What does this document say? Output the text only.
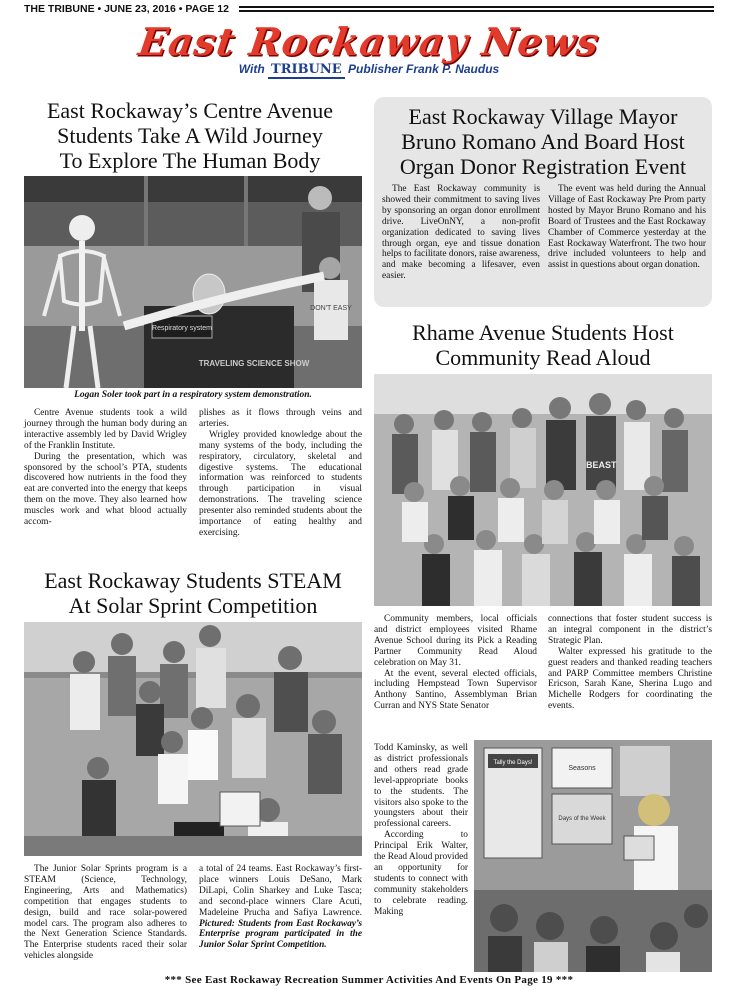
THE TRIBUNE • JUNE 23, 2016 • PAGE 12
East Rockaway News
With TRIBUNE Publisher Frank P. Naudus
East Rockaway’s Centre Avenue
Students Take A Wild Journey
To Explore The Human Body
Respiratory system
TRAVELING SCIENCE SHOW
DON'T EASY
Logan Soler took part in a respiratory system demonstration.

Centre Avenue students took a wild journey through the human body during an interactive assembly led by David Wrigley of the Franklin Institute.

During the presentation, which was sponsored by the school’s PTA, students discovered how nutrients in the food they eat are converted into the energy that keeps them on the move. They also learned how muscles work and what blood actually accom-

plishes as it flows through veins and arteries.

Wrigley provided knowledge about the many systems of the body, including the respiratory, circulatory, skeletal and digestive systems. The educational information was reinforced to students through participation in visual demonstrations. The traveling science presenter also reminded students about the importance of eating healthy and exercising.

East Rockaway Students STEAM
At Solar Sprint Competition

The Junior Solar Sprints program is a STEAM (Science, Technology, Engineering, Arts and Mathematics) competition that engages students to design, build and race solar-powered model cars. The program also adheres to the Next Generation Science Standards. The Enterprise students raced their solar vehicles alongside

a total of 24 teams. East Rockaway’s first-place winners Louis DeSano, Mark DiLapi, Colin Sharkey and Luke Tasca; and second-place winners Clare Acuti, Madeleine Prucha and Safiya Lawrence. Pictured: Students from East Rockaway’s Enterprise program participated in the Junior Solar Sprint Competition.

East Rockaway Village Mayor
Bruno Romano And Board Host
Organ Donor Registration Event

The East Rockaway community is showed their commitment to saving lives by sponsoring an organ donor enrollment drive. LiveOnNY, a non-profit organization dedicated to saving lives through organ, eye and tissue donation helps to facilitate donors, raise awareness, and make becoming a lifesaver, even easier.

The event was held during the Annual Village of East Rockaway Pre Prom party hosted by Mayor Bruno Romano and his Board of Trustees and the East Rockaway Chamber of Commerce yesterday at the East Rockaway Waterfront. The two hour drive included volunteers to help and assist in questions about organ donation.

Rhame Avenue Students Host
Community Read Aloud
BEAST

Community members, local officials and district employees visited Rhame Avenue School during its Pick a Reading Partner Community Read Aloud celebration on May 31.

At the event, several elected officials, including Hempstead Town Supervisor Anthony Santino, Assemblyman Brian Curran and NYS State Senator

Todd Kaminsky, as well as district professionals and others read grade level-appropriate books to the students. The visitors also spoke to the youngsters about their professional careers.

According to Principal Erik Walter, the Read Aloud provided an opportunity for students to connect with community stakeholders to celebrate reading. Making

connections that foster student success is an integral component in the district’s Strategic Plan.

Walter expressed his gratitude to the guest readers and thanked reading teachers and PARP Committee members Christine Ericson, Sarah Kane, Sherina Lugo and Michelle Rodgers for coordinating the events.

Tally the Days!
Seasons
Days of the Week
*** See East Rockaway Recreation Summer Activities And Events On Page 19 ***
